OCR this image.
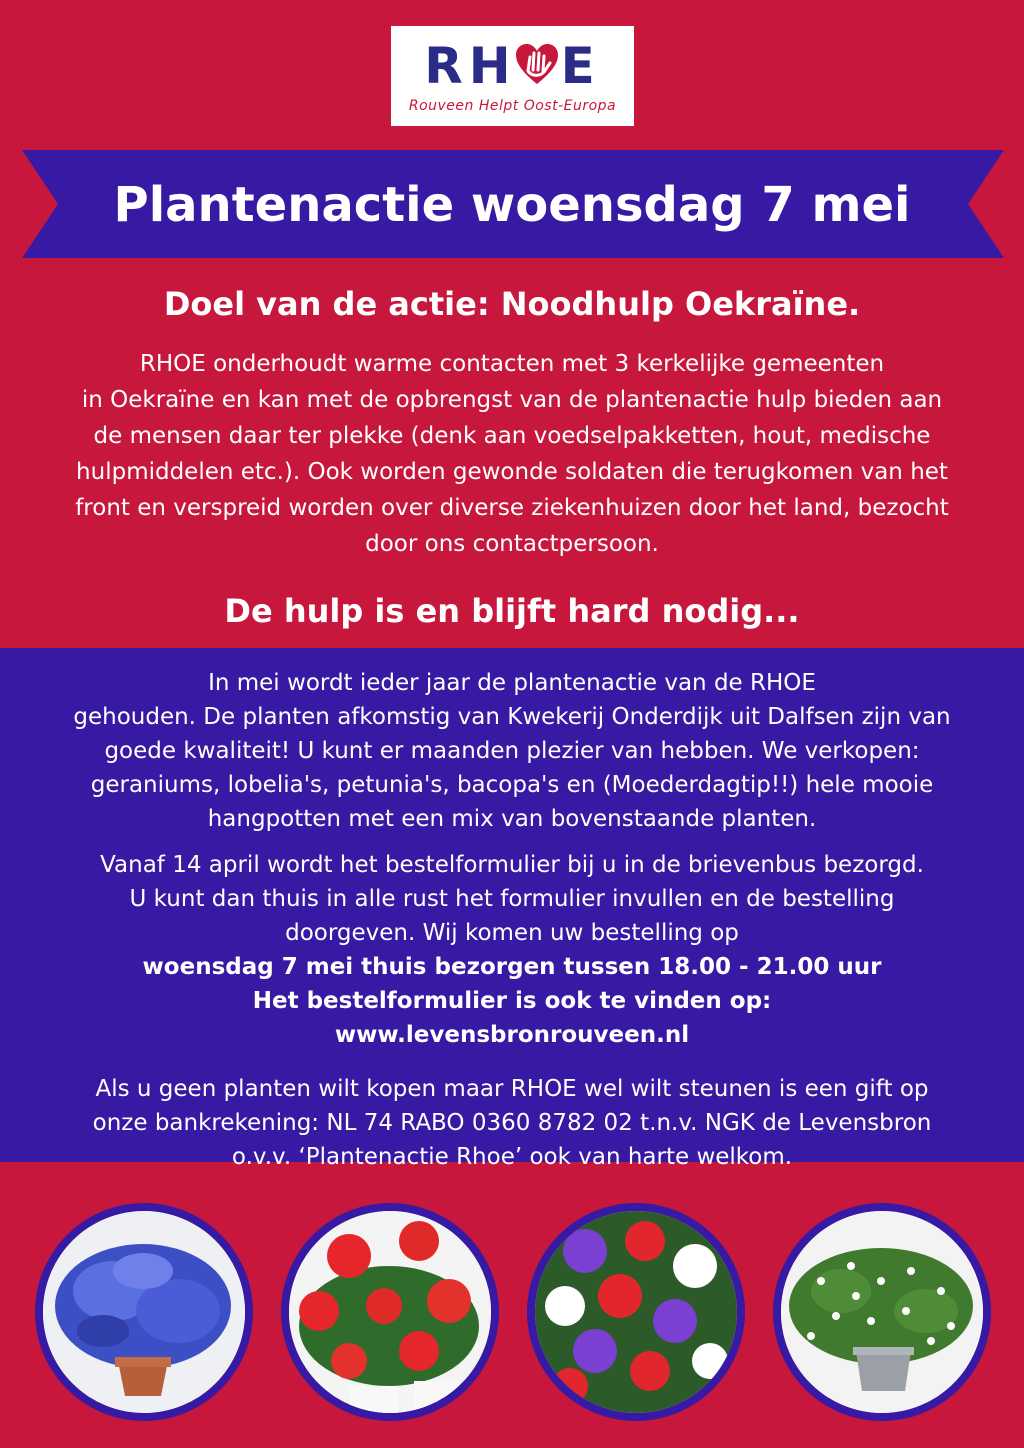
RH E
Rouveen Helpt Oost-Europa
Plantenactie woensdag 7 mei
Doel van de actie: Noodhulp Oekraïne.
RHOE onderhoudt warme contacten met 3 kerkelijke gemeenten
in Oekraïne en kan met de opbrengst van de plantenactie hulp bieden aan
de mensen daar ter plekke (denk aan voedselpakketten, hout, medische
hulpmiddelen etc.). Ook worden gewonde soldaten die terugkomen van het
front en verspreid worden over diverse ziekenhuizen door het land, bezocht
door ons contactpersoon.
De hulp is en blijft hard nodig...
In mei wordt ieder jaar de plantenactie van de RHOE
gehouden. De planten afkomstig van Kwekerij Onderdijk uit Dalfsen zijn van
goede kwaliteit! U kunt er maanden plezier van hebben. We verkopen:
geraniums, lobelia's, petunia's, bacopa's en (Moederdagtip!!) hele mooie
hangpotten met een mix van bovenstaande planten.
Vanaf 14 april wordt het bestelformulier bij u in de brievenbus bezorgd.
U kunt dan thuis in alle rust het formulier invullen en de bestelling
doorgeven. Wij komen uw bestelling op
woensdag 7 mei thuis bezorgen tussen 18.00 - 21.00 uur
Het bestelformulier is ook te vinden op:
www.levensbronrouveen.nl
Als u geen planten wilt kopen maar RHOE wel wilt steunen is een gift op
onze bankrekening: NL 74 RABO 0360 8782 02 t.n.v. NGK de Levensbron
o.v.v. ‘Plantenactie Rhoe’ ook van harte welkom.
